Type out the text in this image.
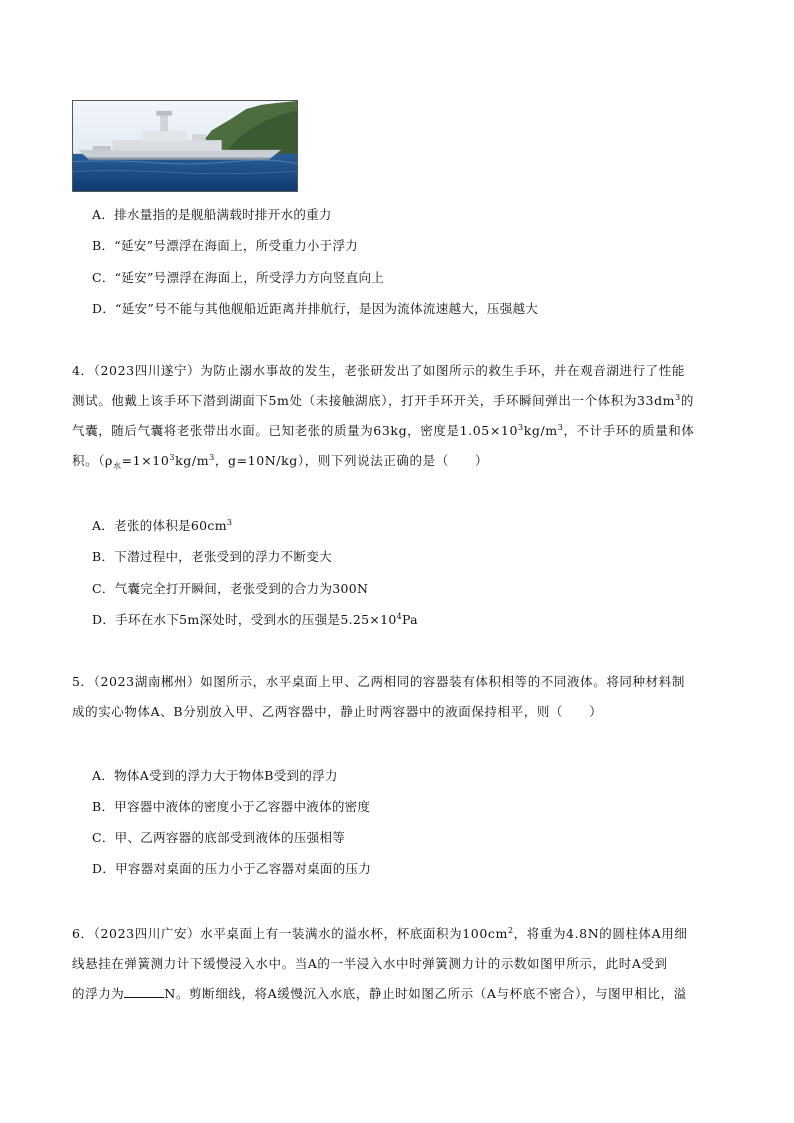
A．排水量指的是舰船满载时排开水的重力
B．“延安”号漂浮在海面上，所受重力小于浮力
C．“延安”号漂浮在海面上，所受浮力方向竖直向上
D．“延安”号不能与其他舰船近距离并排航行，是因为流体流速越大，压强越大
4．（2023四川遂宁）为防止溺水事故的发生，老张研发出了如图所示的救生手环，并在观音湖进行了性能
测试。他戴上该手环下潜到湖面下5m处（未接触湖底），打开手环开关，手环瞬间弹出一个体积为$33dm^3$的
气囊，随后气囊将老张带出水面。已知老张的质量为63kg，密度是$1.05\times 10^3kg/m^3$，不计手环的质量和体
积。（$\rho_水=1\times 10^3kg/m^3$，g=10N/kg），则下列说法正确的是（　　）
A．老张的体积是$60cm^3$
B．下潜过程中，老张受到的浮力不断变大
C．气囊完全打开瞬间，老张受到的合力为300N
D．手环在水下5m深处时，受到水的压强是$5.25\times 10^4Pa$
5．（2023湖南郴州）如图所示，水平桌面上甲、乙两相同的容器装有体积相等的不同液体。将同种材料制
成的实心物体A、B分别放入甲、乙两容器中，静止时两容器中的液面保持相平，则（　　）
A．物体A受到的浮力大于物体B受到的浮力
B．甲容器中液体的密度小于乙容器中液体的密度
C．甲、乙两容器的底部受到液体的压强相等
D．甲容器对桌面的压力小于乙容器对桌面的压力
6．（2023四川广安）水平桌面上有一装满水的溢水杯，杯底面积为$100cm^2$，将重为4.8N的圆柱体A用细
线悬挂在弹簧测力计下缓慢浸入水中。当A的一半浸入水中时弹簧测力计的示数如图甲所示，此时A受到
的浮力为	N。剪断细线，将A缓慢沉入水底，静止时如图乙所示（A与杯底不密合），与图甲相比，溢
